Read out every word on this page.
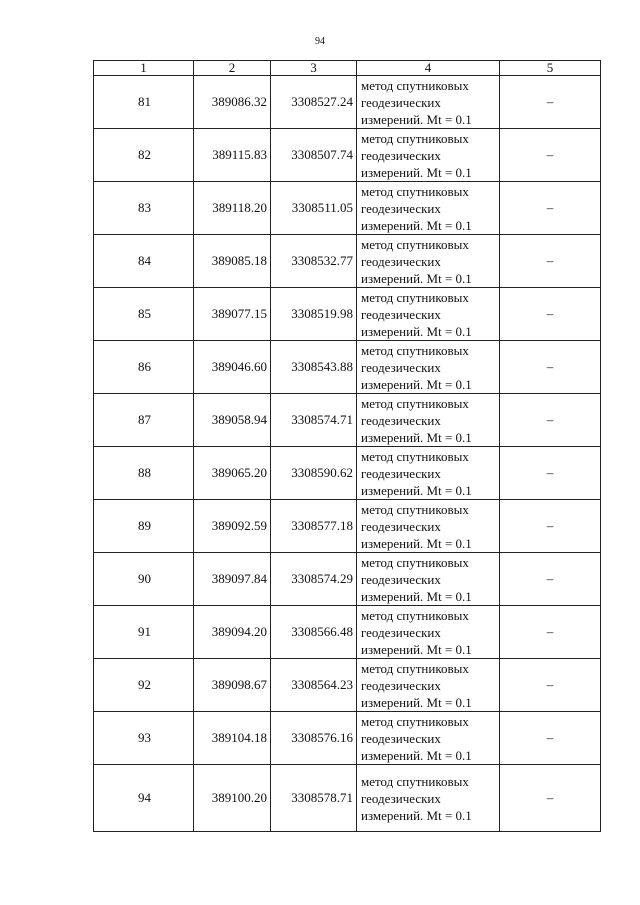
94
1	2	3	4	5
81	389086.32	3308527.24	метод спутниковых
геодезических
измерений. Mt = 0.1	–
82	389115.83	3308507.74	метод спутниковых
геодезических
измерений. Mt = 0.1	–
83	389118.20	3308511.05	метод спутниковых
геодезических
измерений. Mt = 0.1	–
84	389085.18	3308532.77	метод спутниковых
геодезических
измерений. Mt = 0.1	–
85	389077.15	3308519.98	метод спутниковых
геодезических
измерений. Mt = 0.1	–
86	389046.60	3308543.88	метод спутниковых
геодезических
измерений. Mt = 0.1	–
87	389058.94	3308574.71	метод спутниковых
геодезических
измерений. Mt = 0.1	–
88	389065.20	3308590.62	метод спутниковых
геодезических
измерений. Mt = 0.1	–
89	389092.59	3308577.18	метод спутниковых
геодезических
измерений. Mt = 0.1	–
90	389097.84	3308574.29	метод спутниковых
геодезических
измерений. Mt = 0.1	–
91	389094.20	3308566.48	метод спутниковых
геодезических
измерений. Mt = 0.1	–
92	389098.67	3308564.23	метод спутниковых
геодезических
измерений. Mt = 0.1	–
93	389104.18	3308576.16	метод спутниковых
геодезических
измерений. Mt = 0.1	–
94	389100.20	3308578.71	метод спутниковых
геодезических
измерений. Mt = 0.1	–
